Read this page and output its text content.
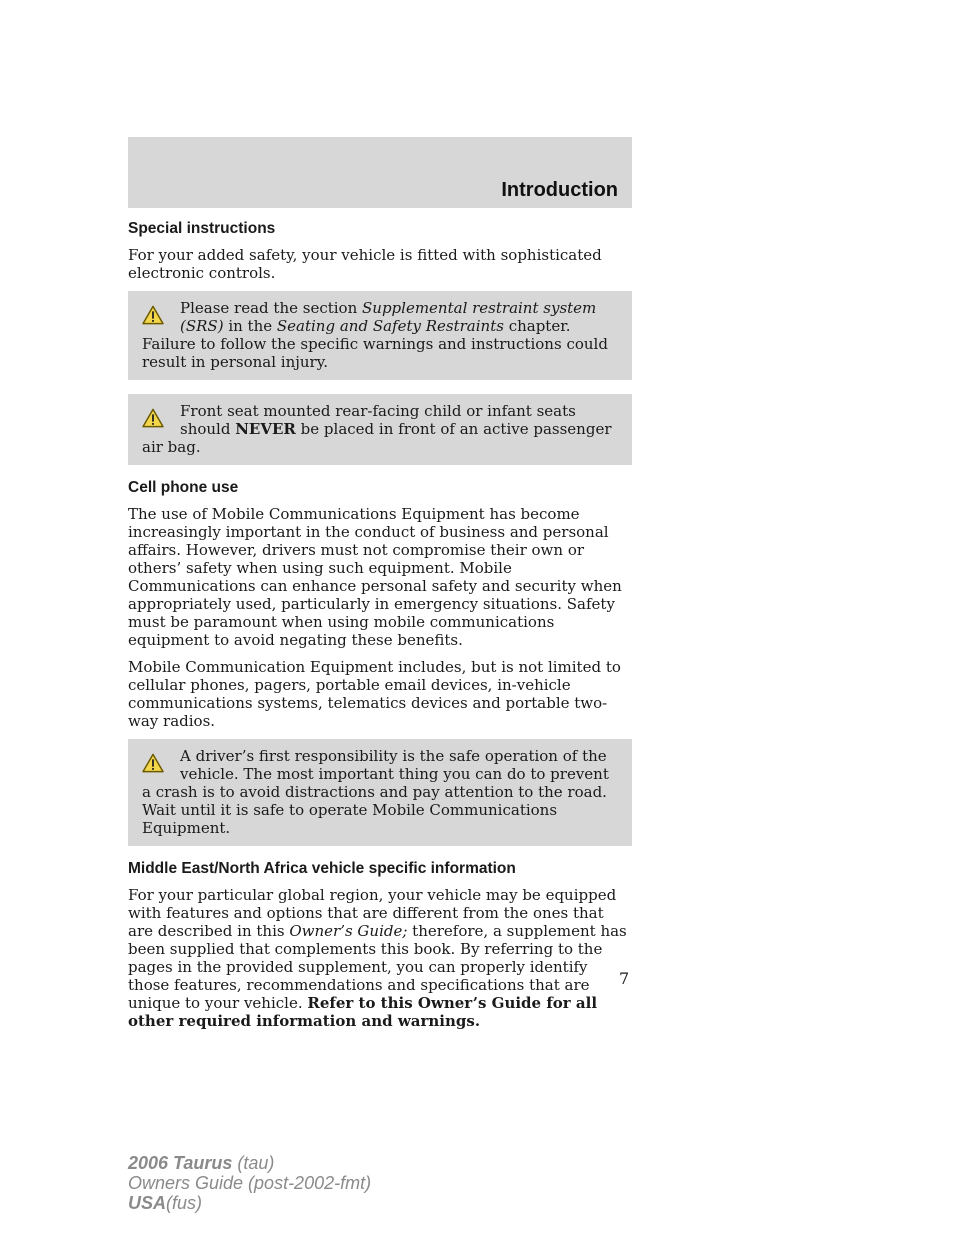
Introduction
Special instructions

For your added safety, your vehicle is fitted with sophisticated electronic controls.

Please read the section Supplemental restraint system (SRS) in the Seating and Safety Restraints chapter. Failure to follow the specific warnings and instructions could result in personal injury.
Front seat mounted rear-facing child or infant seats should NEVER be placed in front of an active passenger air bag.
Cell phone use

The use of Mobile Communications Equipment has become increasingly important in the conduct of business and personal affairs. However, drivers must not compromise their own or others’ safety when using such equipment. Mobile Communications can enhance personal safety and security when appropriately used, particularly in emergency situations. Safety must be paramount when using mobile communications equipment to avoid negating these benefits.

Mobile Communication Equipment includes, but is not limited to cellular phones, pagers, portable email devices, in-vehicle communications systems, telematics devices and portable two-way radios.

A driver’s first responsibility is the safe operation of the vehicle. The most important thing you can do to prevent a crash is to avoid distractions and pay attention to the road. Wait until it is safe to operate Mobile Communications Equipment.
Middle East/North Africa vehicle specific information

For your particular global region, your vehicle may be equipped with features and options that are different from the ones that are described in this Owner’s Guide; therefore, a supplement has been supplied that complements this book. By referring to the pages in the provided supplement, you can properly identify those features, recommendations and specifications that are unique to your vehicle. Refer to this Owner’s Guide for all other required information and warnings.

7
2006 Taurus (tau)
Owners Guide (post-2002-fmt)
USA(fus)
